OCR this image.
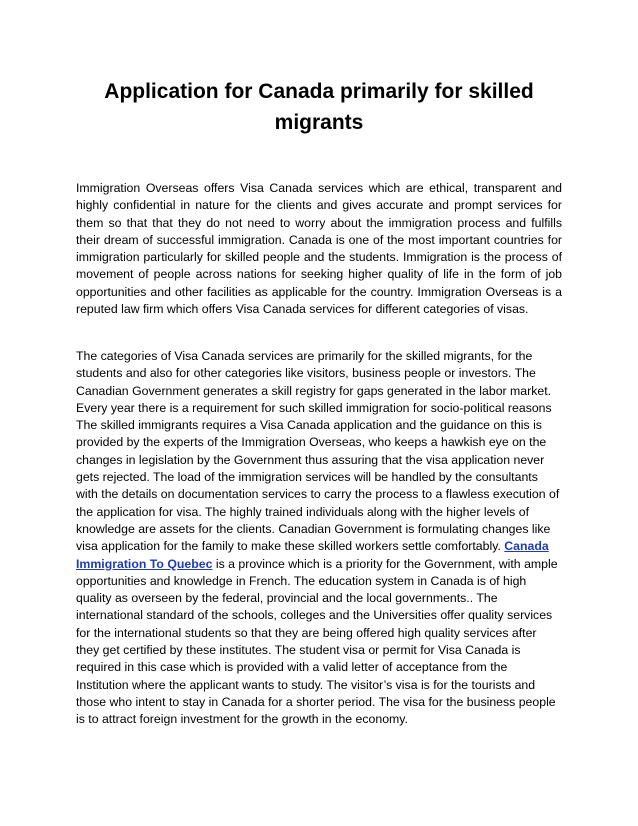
Application for Canada primarily for skilled migrants

Immigration Overseas offers Visa Canada services which are ethical, transparent and highly confidential in nature for the clients and gives accurate and prompt services for them so that that they do not need to worry about the immigration process and fulfills their dream of successful immigration. Canada is one of the most important countries for immigration particularly for skilled people and the students. Immigration is the process of movement of people across nations for seeking higher quality of life in the form of job opportunities and other facilities as applicable for the country. Immigration Overseas is a reputed law firm which offers Visa Canada services for different categories of visas.

The categories of Visa Canada services are primarily for the skilled migrants, for the students and also for other categories like visitors, business people or investors. The Canadian Government generates a skill registry for gaps generated in the labor market. Every year there is a requirement for such skilled immigration for socio-political reasons The skilled immigrants requires a Visa Canada application and the guidance on this is provided by the experts of the Immigration Overseas, who keeps a hawkish eye on the changes in legislation by the Government thus assuring that the visa application never gets rejected. The load of the immigration services will be handled by the consultants with the details on documentation services to carry the process to a flawless execution of the application for visa. The highly trained individuals along with the higher levels of knowledge are assets for the clients. Canadian Government is formulating changes like visa application for the family to make these skilled workers settle comfortably. Canada Immigration To Quebec is a province which is a priority for the Government, with ample opportunities and knowledge in French. The education system in Canada is of high quality as overseen by the federal, provincial and the local governments.. The international standard of the schools, colleges and the Universities offer quality services for the international students so that they are being offered high quality services after they get certified by these institutes. The student visa or permit for Visa Canada is required in this case which is provided with a valid letter of acceptance from the Institution where the applicant wants to study. The visitor’s visa is for the tourists and those who intent to stay in Canada for a shorter period. The visa for the business people is to attract foreign investment for the growth in the economy.
